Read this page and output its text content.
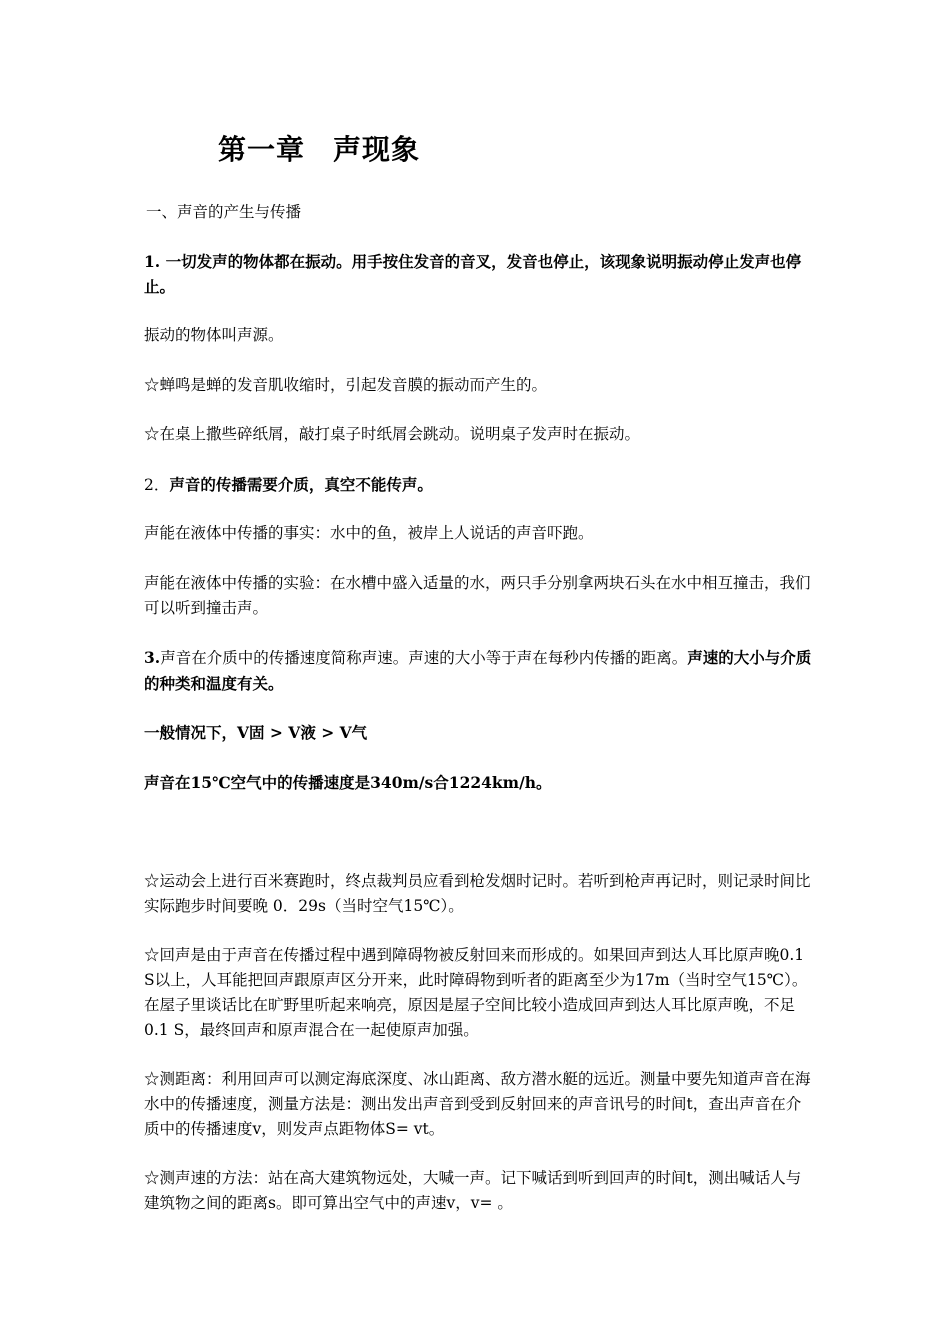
第一章 声现象
一、声音的产生与传播
1. 一切发声的物体都在振动。用手按住发音的音叉，发音也停止，该现象说明振动停止发声也停止。
振动的物体叫声源。
☆蝉鸣是蝉的发音肌收缩时，引起发音膜的振动而产生的。
☆在桌上撒些碎纸屑，敲打桌子时纸屑会跳动。说明桌子发声时在振动。
2．声音的传播需要介质，真空不能传声。
声能在液体中传播的事实：水中的鱼，被岸上人说话的声音吓跑。
声能在液体中传播的实验：在水槽中盛入适量的水，两只手分别拿两块石头在水中相互撞击，我们可以听到撞击声。
3.声音在介质中的传播速度简称声速。声速的大小等于声在每秒内传播的距离。声速的大小与介质的种类和温度有关。
一般情况下，V固 > V液 > V气
声音在15℃空气中的传播速度是340m/s合1224km/h。
☆运动会上进行百米赛跑时，终点裁判员应看到枪发烟时记时。若听到枪声再记时，则记录时间比实际跑步时间要晚 0．29s（当时空气15℃）。
☆回声是由于声音在传播过程中遇到障碍物被反射回来而形成的。如果回声到达人耳比原声晚0.1 S以上，人耳能把回声跟原声区分开来，此时障碍物到听者的距离至少为17m（当时空气15℃）。在屋子里谈话比在旷野里听起来响亮，原因是屋子空间比较小造成回声到达人耳比原声晚，不足0.1 S，最终回声和原声混合在一起使原声加强。
☆测距离：利用回声可以测定海底深度、冰山距离、敌方潜水艇的远近。测量中要先知道声音在海水中的传播速度，测量方法是：测出发出声音到受到反射回来的声音讯号的时间t，查出声音在介质中的传播速度v，则发声点距物体S= vt。
☆测声速的方法：站在高大建筑物远处，大喊一声。记下喊话到听到回声的时间t，测出喊话人与建筑物之间的距离s。即可算出空气中的声速v，v= 。
